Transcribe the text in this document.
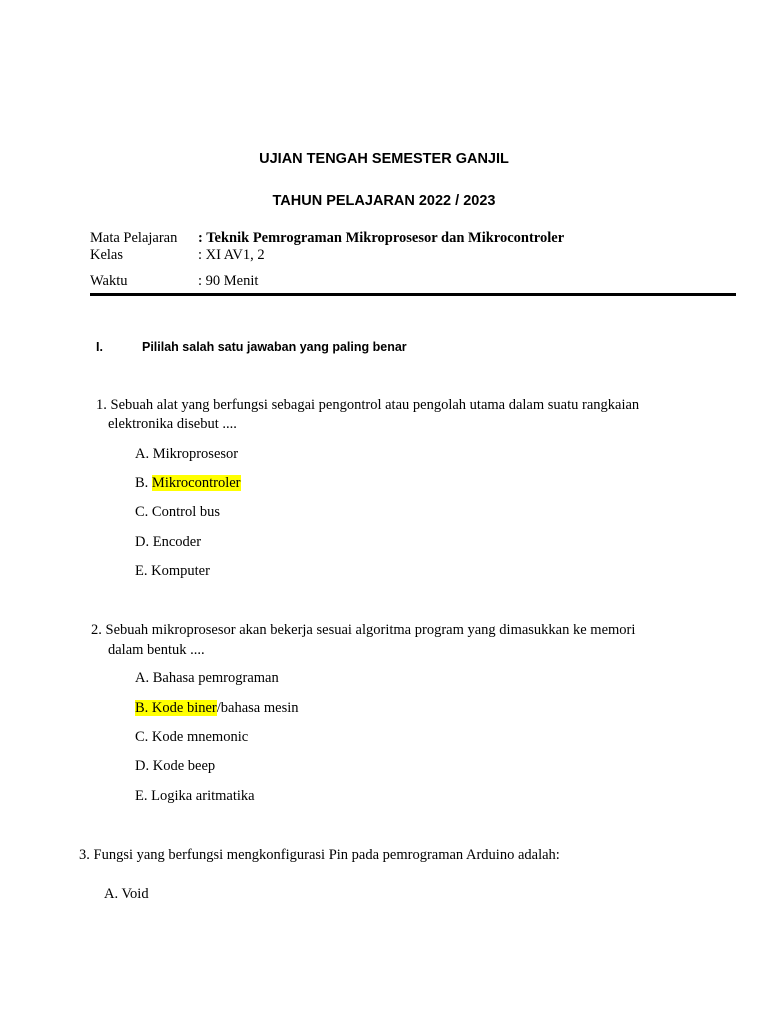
UJIAN TENGAH SEMESTER GANJIL
TAHUN PELAJARAN 2022 / 2023
Mata Pelajaran : Teknik Pemrograman Mikroprosesor dan Mikrocontroler
Kelas	: XI AV1, 2
Waktu	: 90 Menit
I.	Pililah salah satu jawaban yang paling benar
1. Sebuah alat yang berfungsi sebagai pengontrol atau pengolah utama dalam suatu rangkaian
elektronika disebut ....
A. Mikroprosesor
B. Mikrocontroler
C. Control bus
D. Encoder
E. Komputer
2. Sebuah mikroprosesor akan bekerja sesuai algoritma program yang dimasukkan ke memori
dalam bentuk ....
A. Bahasa pemrograman
B. Kode biner/bahasa mesin
C. Kode mnemonic
D. Kode beep
E. Logika aritmatika
3. Fungsi yang berfungsi mengkonfigurasi Pin pada pemrograman Arduino adalah:
A. Void
